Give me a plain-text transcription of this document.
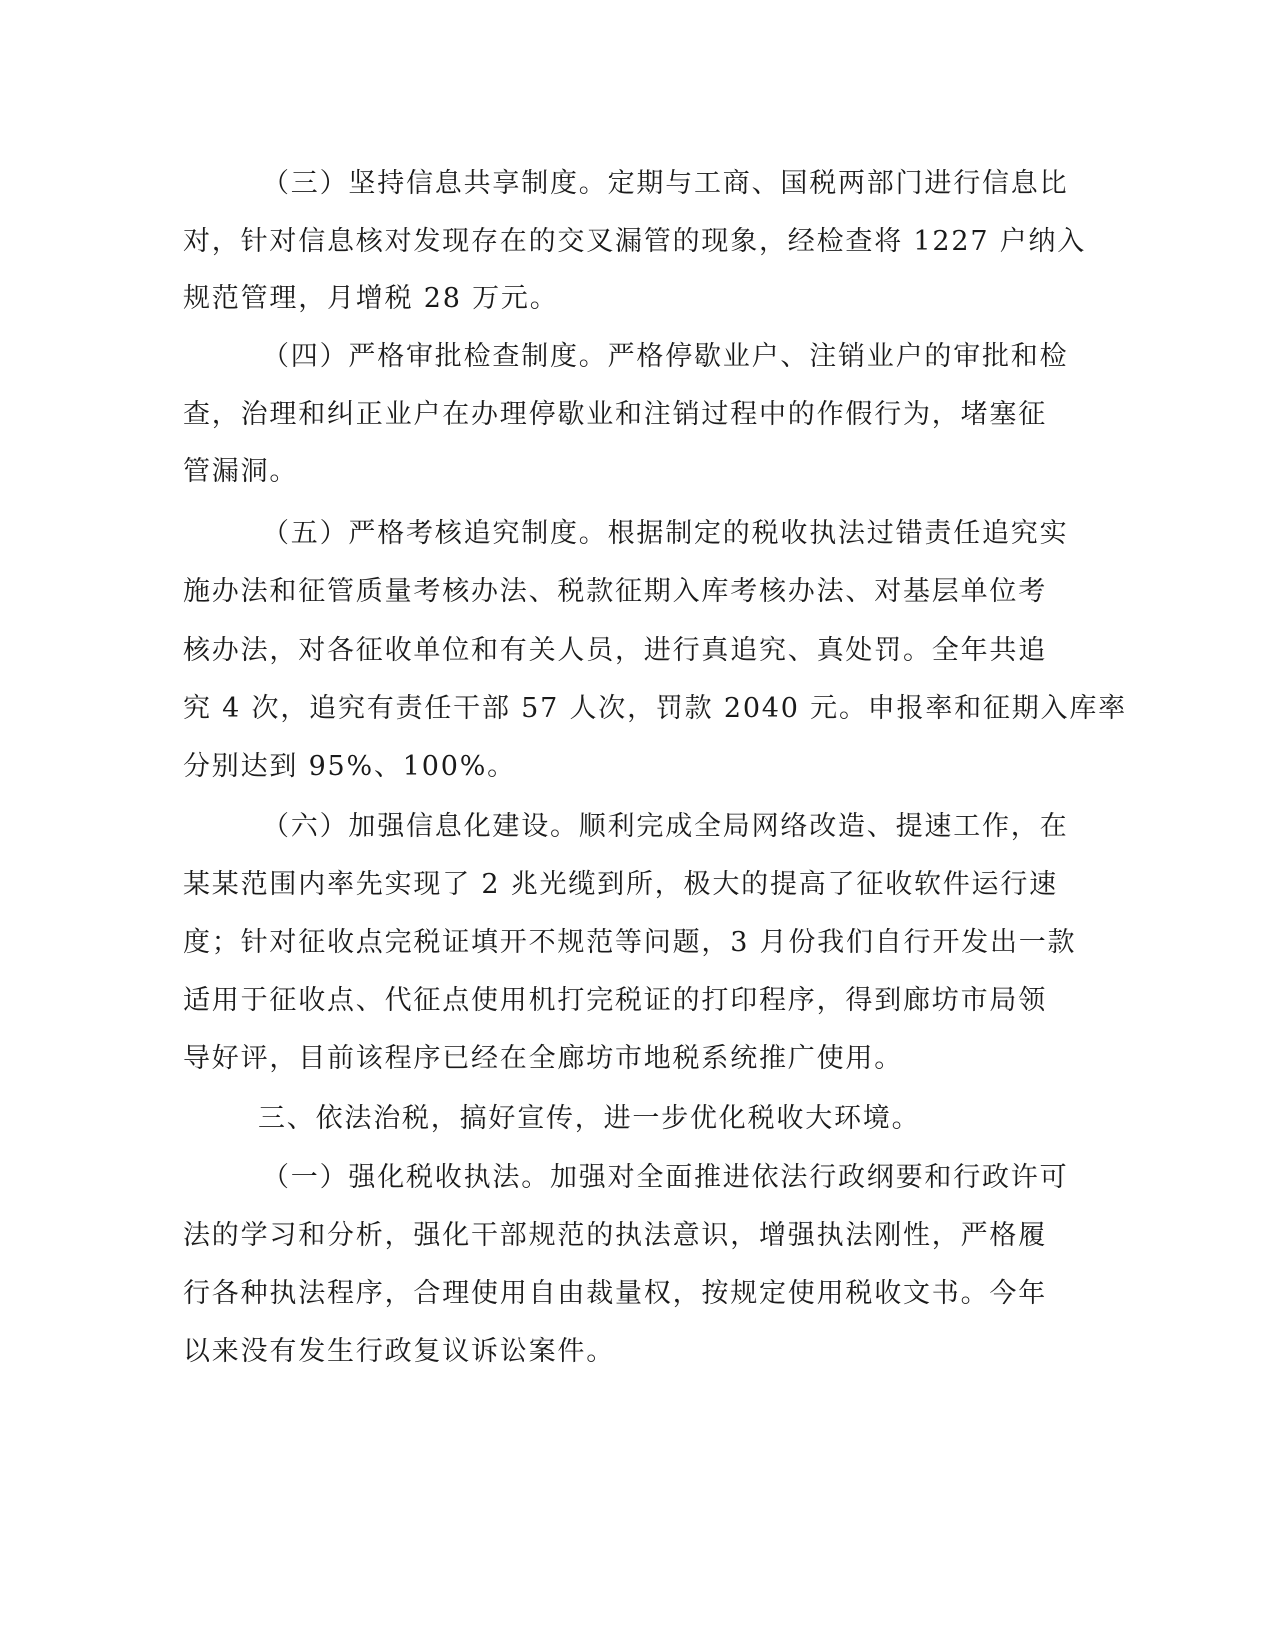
（三）坚持信息共享制度。定期与工商、国税两部门进行信息比

对，针对信息核对发现存在的交叉漏管的现象，经检查将 1227 户纳入

规范管理，月增税 28 万元。

（四）严格审批检查制度。严格停歇业户、注销业户的审批和检

查，治理和纠正业户在办理停歇业和注销过程中的作假行为，堵塞征

管漏洞。

（五）严格考核追究制度。根据制定的税收执法过错责任追究实

施办法和征管质量考核办法、税款征期入库考核办法、对基层单位考

核办法，对各征收单位和有关人员，进行真追究、真处罚。全年共追

究 4 次，追究有责任干部 57 人次，罚款 2040 元。申报率和征期入库率

分别达到 95%、100%。

（六）加强信息化建设。顺利完成全局网络改造、提速工作，在

某某范围内率先实现了 2 兆光缆到所，极大的提高了征收软件运行速

度；针对征收点完税证填开不规范等问题，3 月份我们自行开发出一款

适用于征收点、代征点使用机打完税证的打印程序，得到廊坊市局领

导好评，目前该程序已经在全廊坊市地税系统推广使用。

三、依法治税，搞好宣传，进一步优化税收大环境。

（一）强化税收执法。加强对全面推进依法行政纲要和行政许可

法的学习和分析，强化干部规范的执法意识，增强执法刚性，严格履

行各种执法程序，合理使用自由裁量权，按规定使用税收文书。今年

以来没有发生行政复议诉讼案件。
